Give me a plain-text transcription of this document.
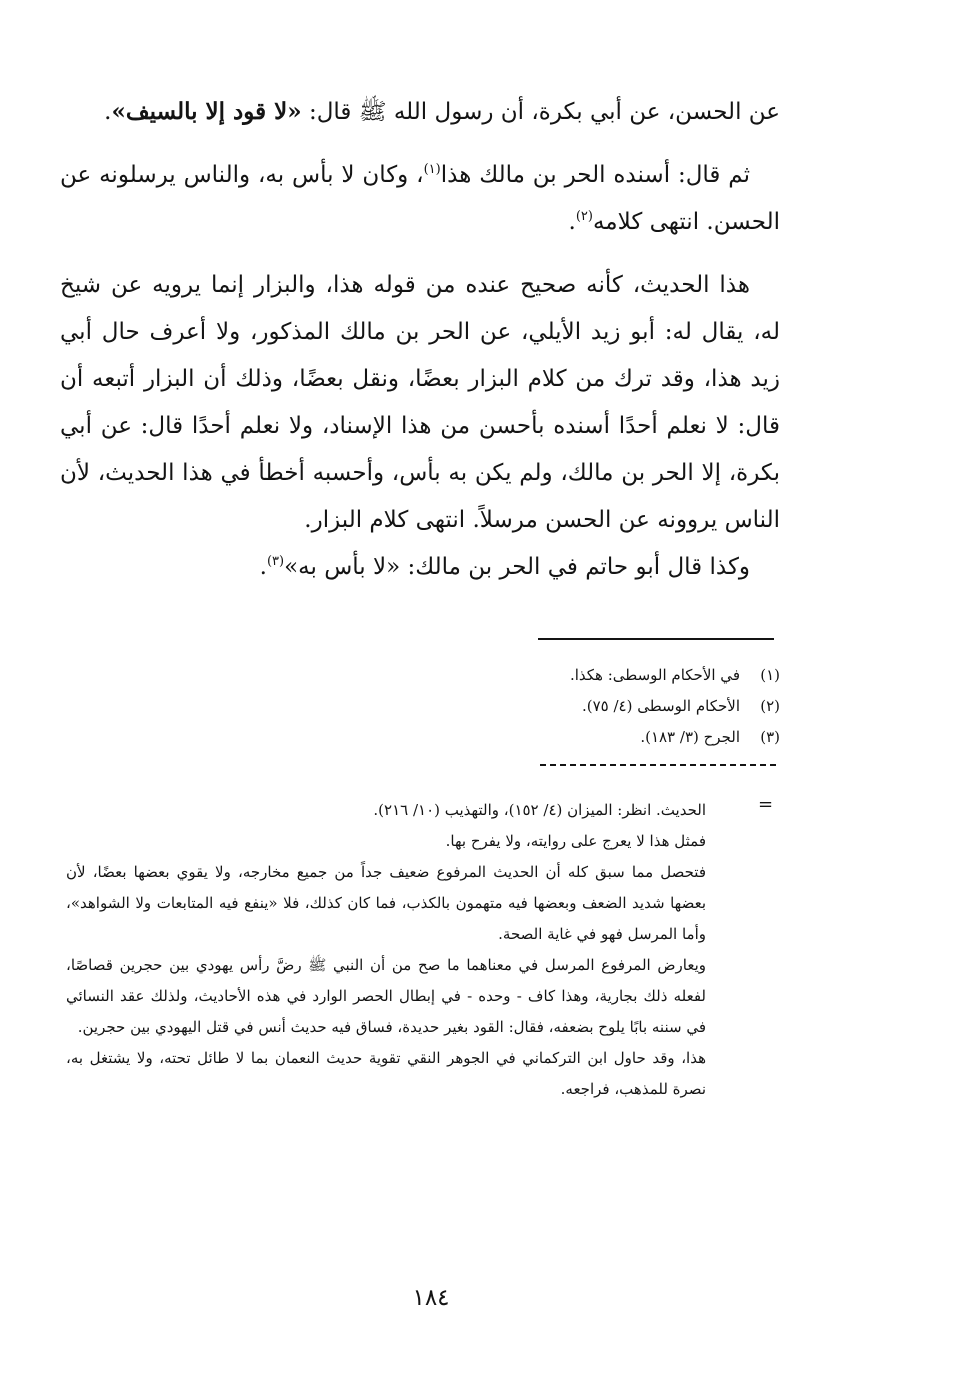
عن الحسن، عن أبي بكرة، أن رسول الله ﷺ قال: «لا قود إلا بالسيف».

ثم قال: أسنده الحر بن مالك هذا$^{(١)}$، وكان لا بأس به، والناس يرسلونه عن الحسن. انتهى كلامه$^{(٢)}$.

هذا الحديث، كأنه صحيح عنده من قوله هذا، والبزار إنما يرويه عن شيخ له، يقال له: أبو زيد الأيلي، عن الحر بن مالك المذكور، ولا أعرف حال أبي زيد هذا، وقد ترك من كلام البزار بعضًا، ونقل بعضًا، وذلك أن البزار أتبعه أن قال: لا نعلم أحدًا أسنده بأحسن من هذا الإسناد، ولا نعلم أحدًا قال: عن أبي بكرة، إلا الحر بن مالك، ولم يكن به بأس، وأحسبه أخطأ في هذا الحديث، لأن الناس يروونه عن الحسن مرسلاً. انتهى كلام البزار.

وكذا قال أبو حاتم في الحر بن مالك: «لا بأس به»$^{(٣)}$.

(١)في الأحكام الوسطى: هكذا.
(٢)الأحكام الوسطى (٤/ ٧٥).
(٣)الجرح (٣/ ١٨٣).
=

الحديث. انظر: الميزان (٤/ ١٥٢)، والتهذيب (١٠/ ٢١٦).

فمثل هذا لا يعرج على روايته، ولا يفرح بها.

فتحصل مما سبق كله أن الحديث المرفوع ضعيف جداً من جميع مخارجه، ولا يقوي بعضها بعضًا، لأن بعضها شديد الضعف وبعضها فيه متهمون بالكذب، فما كان كذلك، فلا «ينفع فيه المتابعات ولا الشواهد»، وأما المرسل فهو في غاية الصحة.

ويعارض المرفوع المرسل في معناهما ما صح من أن النبي ﷺ رضَّ رأس يهودي بين حجرين قصاصًا، لفعله ذلك بجارية، وهذا كاف - وحده - في إبطال الحصر الوارد في هذه الأحاديث، ولذلك عقد النسائي في سننه بابًا يلوح بضعفه، فقال: القود بغير حديدة، فساق فيه حديث أنس في قتل اليهودي بين حجرين.

هذا، وقد حاول ابن التركماني في الجوهر النقي تقوية حديث النعمان بما لا طائل تحته، ولا يشتغل به، نصرة للمذهب، فراجعه.

١٨٤
